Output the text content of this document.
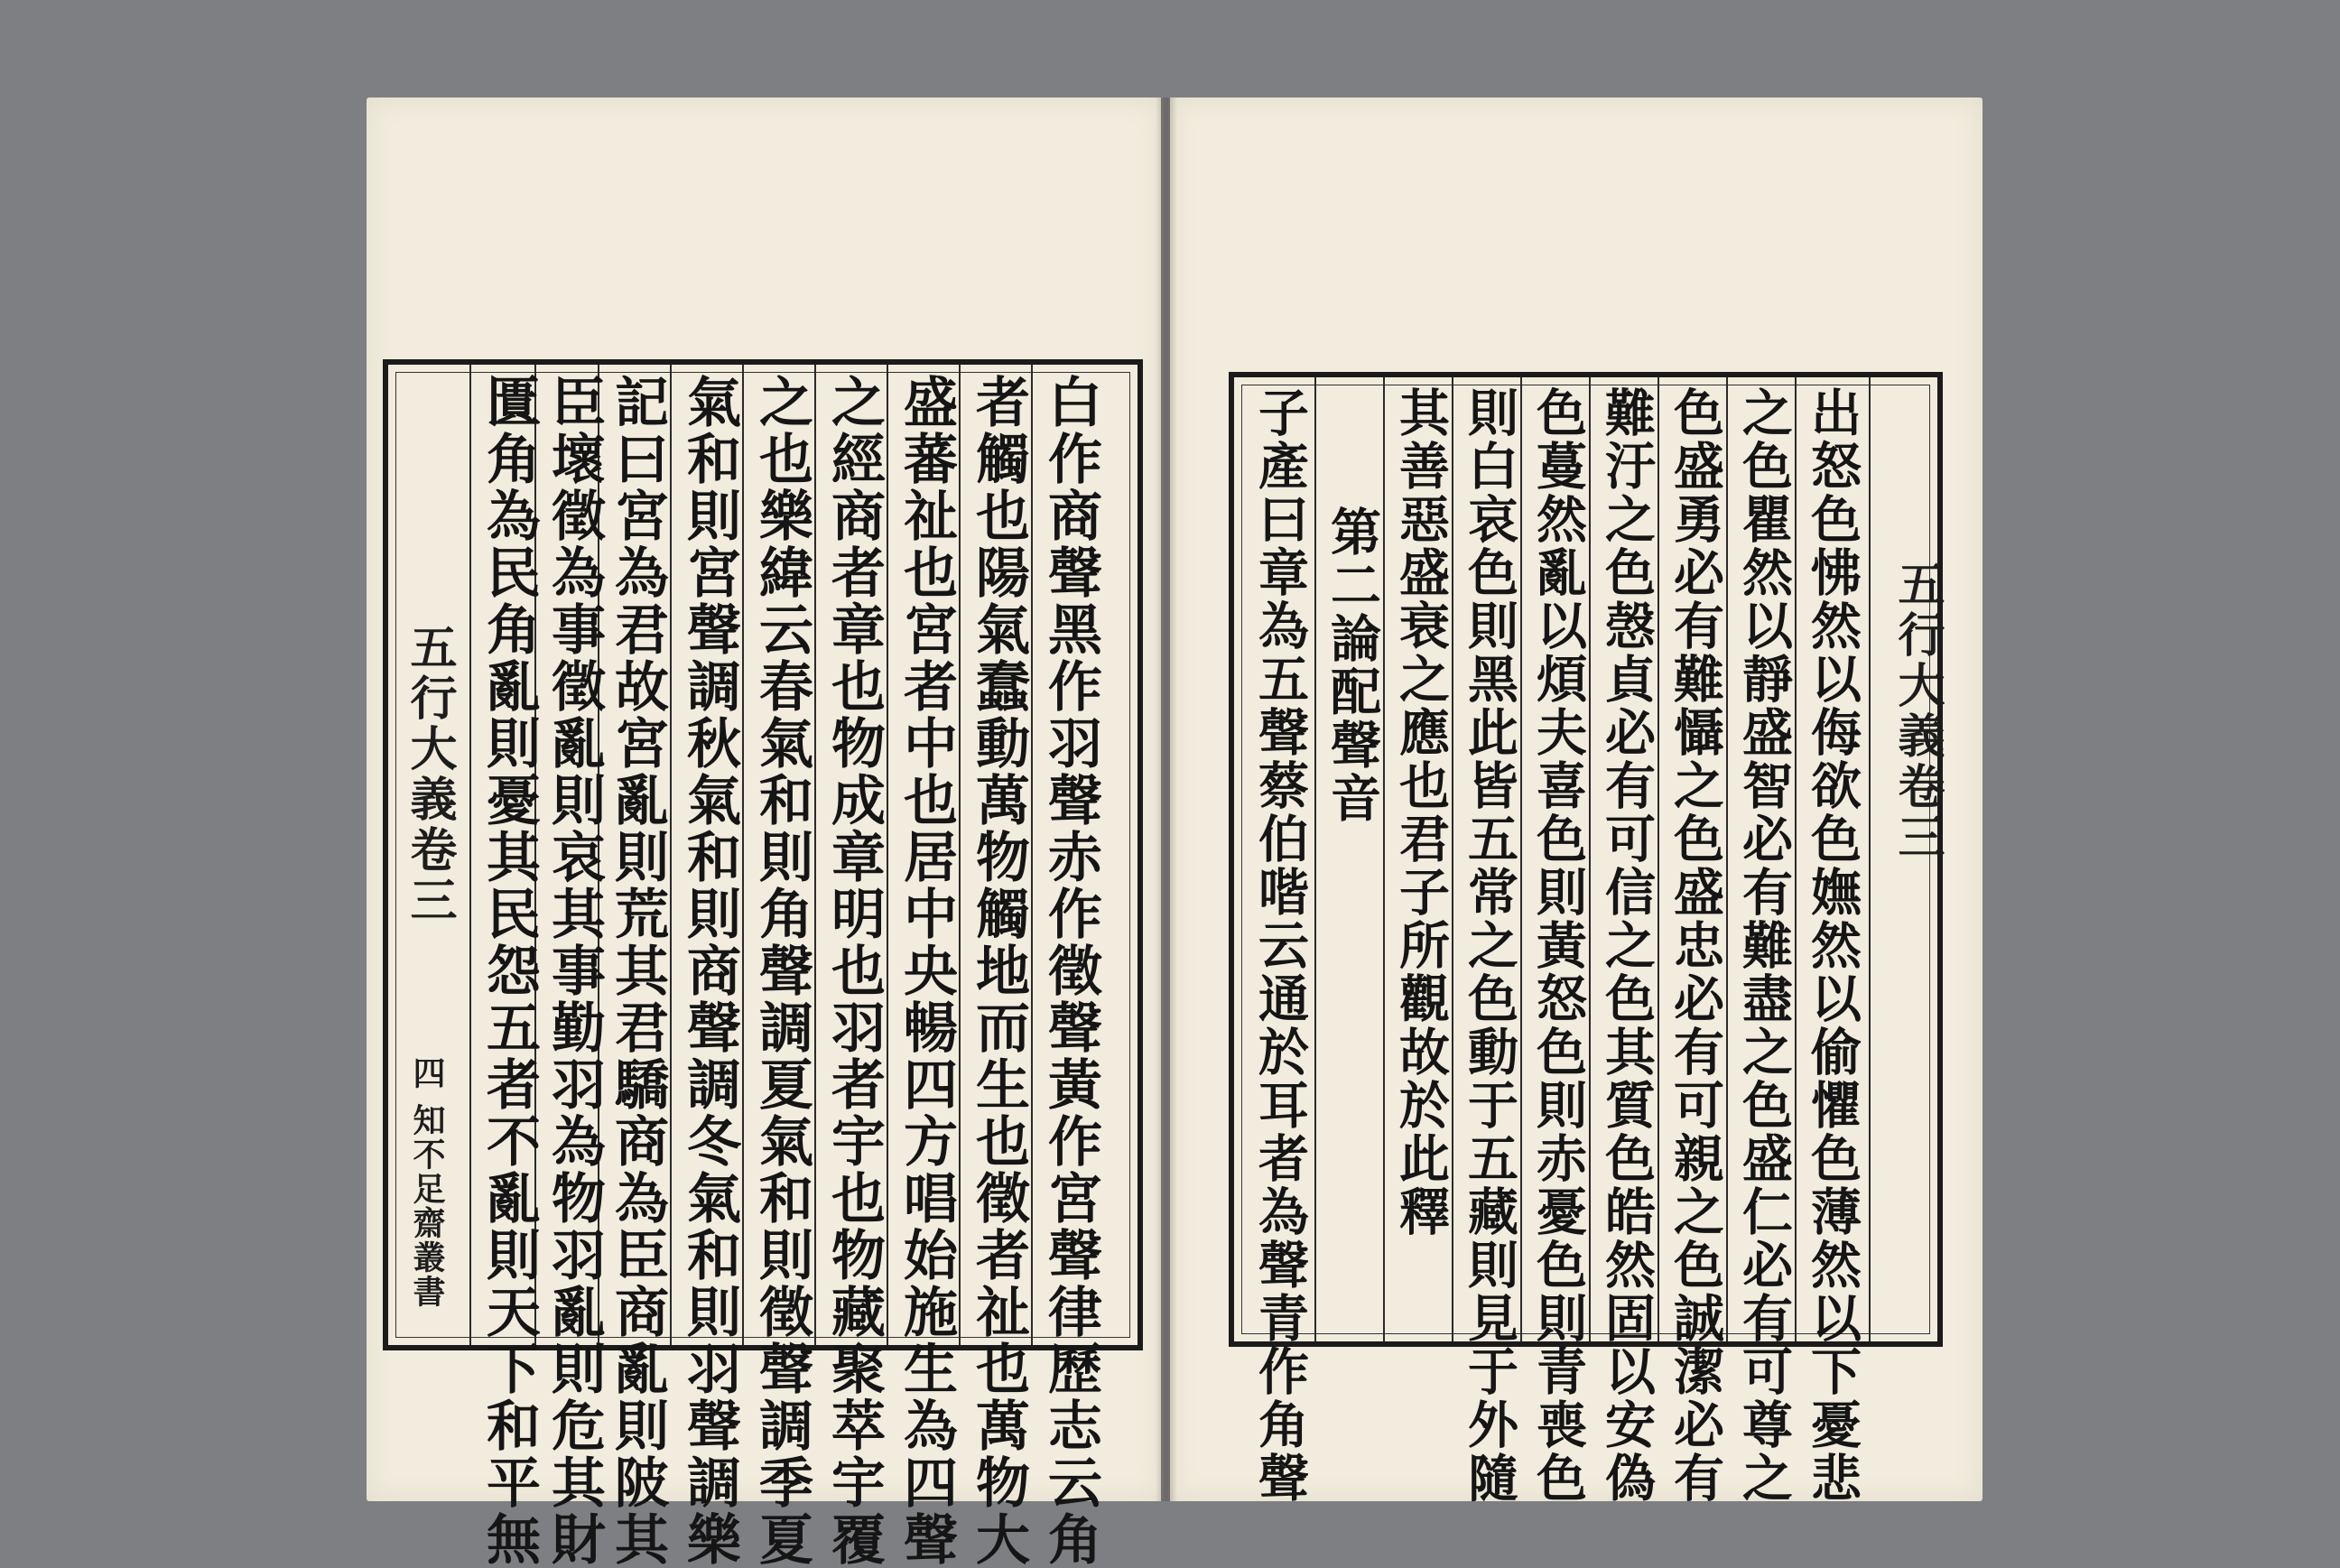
五行大義卷三
四
知不足齋叢書	白作商聲黑作羽聲赤作徵聲黃作宮聲律歷志云角
者觸也陽氣蠢動萬物觸地而生也徵者祉也萬物大
盛蕃祉也宮者中也居中央暢四方唱始施生為四聲
之經商者章也物成章明也羽者宇也物藏聚萃宇覆
之也樂緯云春氣和則角聲調夏氣和則徵聲調季夏
氣和則宮聲調秋氣和則商聲調冬氣和則羽聲調樂
記曰宮為君故宮亂則荒其君驕商為臣商亂則陂其
臣壞徵為事徵亂則哀其事勤羽為物羽亂則危其財
匱角為民角亂則憂其民怨五者不亂則天下和平無	五行大義卷三
出怒色怫然以侮欲色嫵然以偷懼色薄然以下憂悲
之色瞿然以靜盛智必有難盡之色盛仁必有可尊之
色盛勇必有難懾之色盛忠必有可親之色誠潔必有
難汙之色愨貞必有可信之色其質色皓然固以安偽
色蔓然亂以煩夫喜色則黃怒色則赤憂色則青喪色
則白哀色則黑此皆五常之色動于五藏則見于外隨
其善惡盛衰之應也君子所觀故於此釋
第二論配聲音
子產曰章為五聲蔡伯喈云通於耳者為聲青作角聲
